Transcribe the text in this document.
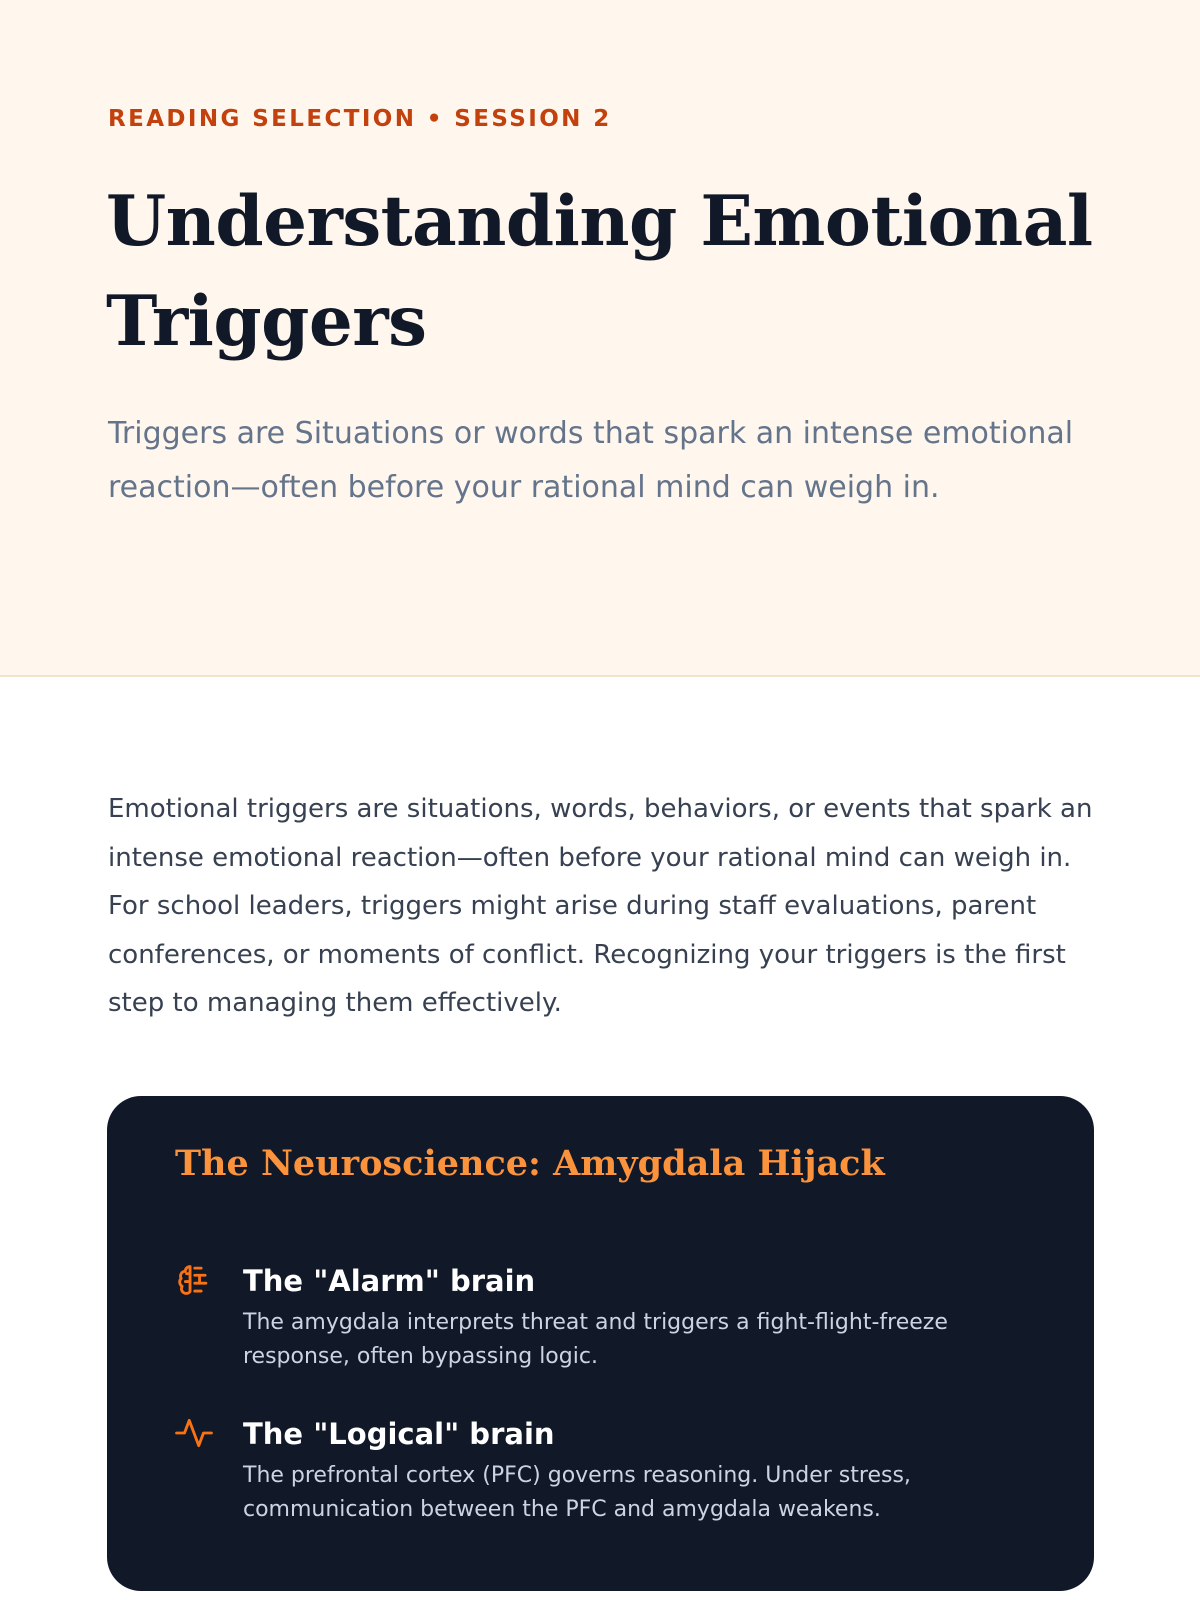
READING SELECTION • SESSION 2
Understanding Emotional Triggers

Triggers are Situations or words that spark an intense emotional reaction—often before your rational mind can weigh in.

Emotional triggers are situations, words, behaviors, or events that spark an intense emotional reaction—often before your rational mind can weigh in. For school leaders, triggers might arise during staff evaluations, parent conferences, or moments of conflict. Recognizing your triggers is the first step to managing them effectively.

The Neuroscience: Amygdala Hijack
The "Alarm" brain

The amygdala interprets threat and triggers a fight-flight-freeze response, often bypassing logic.

The "Logical" brain

The prefrontal cortex (PFC) governs reasoning. Under stress, communication between the PFC and amygdala weakens.
